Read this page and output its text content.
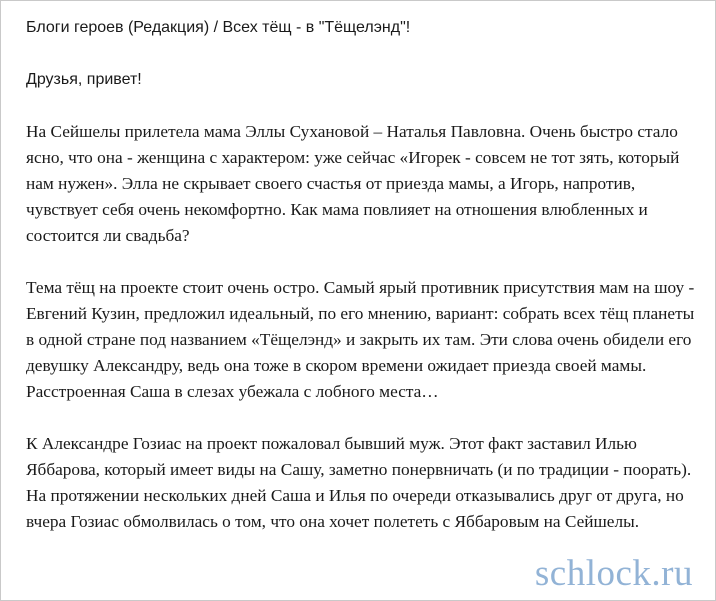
Блоги героев (Редакция) / Всех тёщ - в "Тёщелэнд"!

Друзья, привет!

На Сейшелы прилетела мама Эллы Сухановой – Наталья Павловна. Очень быстро стало ясно, что она - женщина с характером: уже сейчас «Игорек - совсем не тот зять, который нам нужен». Элла не скрывает своего счастья от приезда мамы, а Игорь, напротив, чувствует себя очень некомфортно. Как мама повлияет на отношения влюбленных и состоится ли свадьба?

Тема тёщ на проекте стоит очень остро. Самый ярый противник присутствия мам на шоу - Евгений Кузин, предложил идеальный, по его мнению, вариант: собрать всех тёщ планеты в одной стране под названием «Тёщелэнд» и закрыть их там. Эти слова очень обидели его девушку Александру, ведь она тоже в скором времени ожидает приезда своей мамы. Расстроенная Саша в слезах убежала с лобного места…

К Александре Гозиас на проект пожаловал бывший муж. Этот факт заставил Илью Яббарова, который имеет виды на Сашу, заметно понервничать (и по традиции - поорать). На протяжении нескольких дней Саша и Илья по очереди отказывались друг от друга, но вчера Гозиас обмолвилась о том, что она хочет полететь с Яббаровым на Сейшелы.

schlock.ru
